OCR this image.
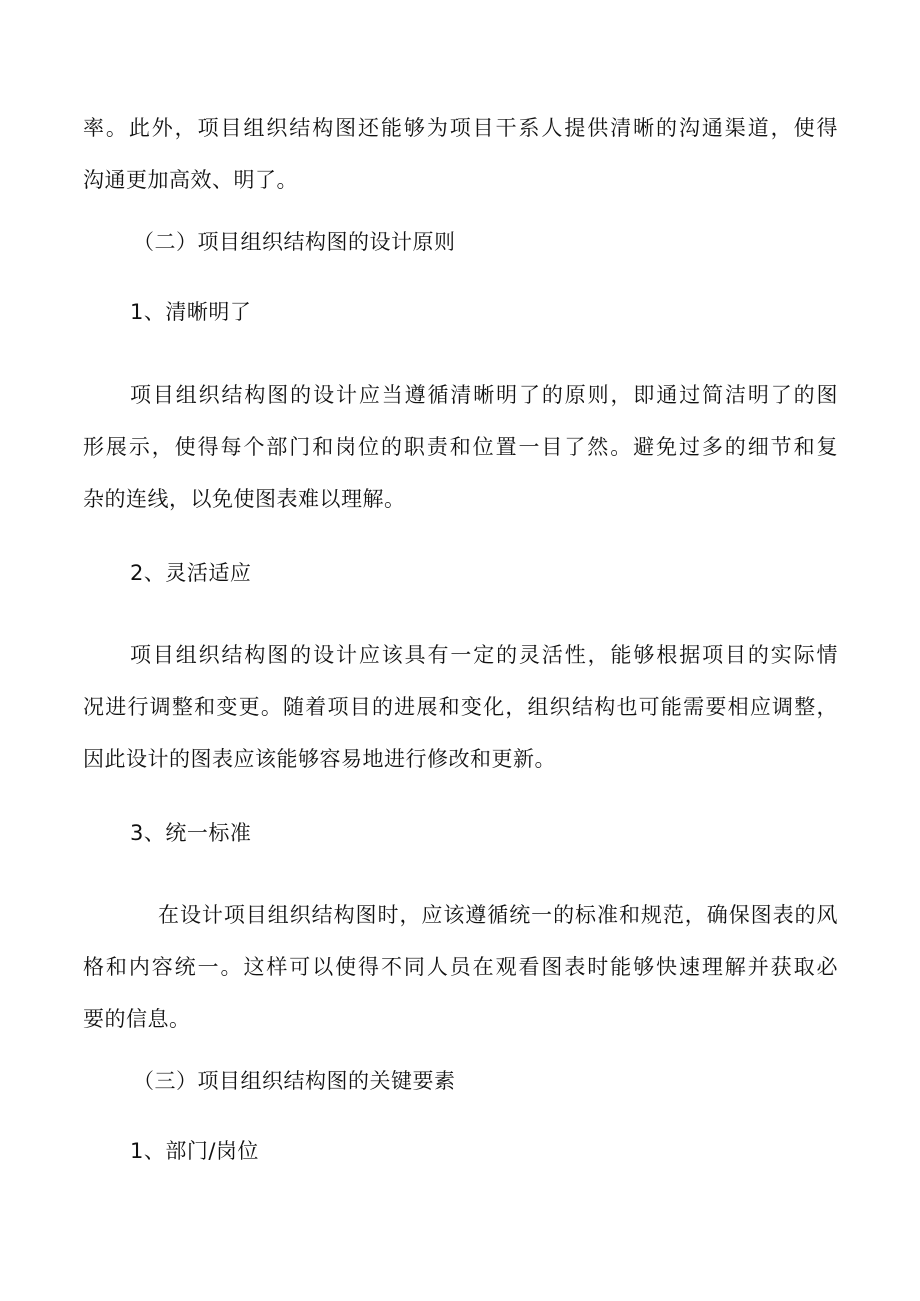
率。此外，项目组织结构图还能够为项目干系人提供清晰的沟通渠道，使得
沟通更加高效、明了。
（二）项目组织结构图的设计原则
1、清晰明了
项目组织结构图的设计应当遵循清晰明了的原则，即通过简洁明了的图
形展示，使得每个部门和岗位的职责和位置一目了然。避免过多的细节和复
杂的连线，以免使图表难以理解。
2、灵活适应
项目组织结构图的设计应该具有一定的灵活性，能够根据项目的实际情
况进行调整和变更。随着项目的进展和变化，组织结构也可能需要相应调整，
因此设计的图表应该能够容易地进行修改和更新。
3、统一标准
在设计项目组织结构图时，应该遵循统一的标准和规范，确保图表的风
格和内容统一。这样可以使得不同人员在观看图表时能够快速理解并获取必
要的信息。
（三）项目组织结构图的关键要素
1、部门/岗位
